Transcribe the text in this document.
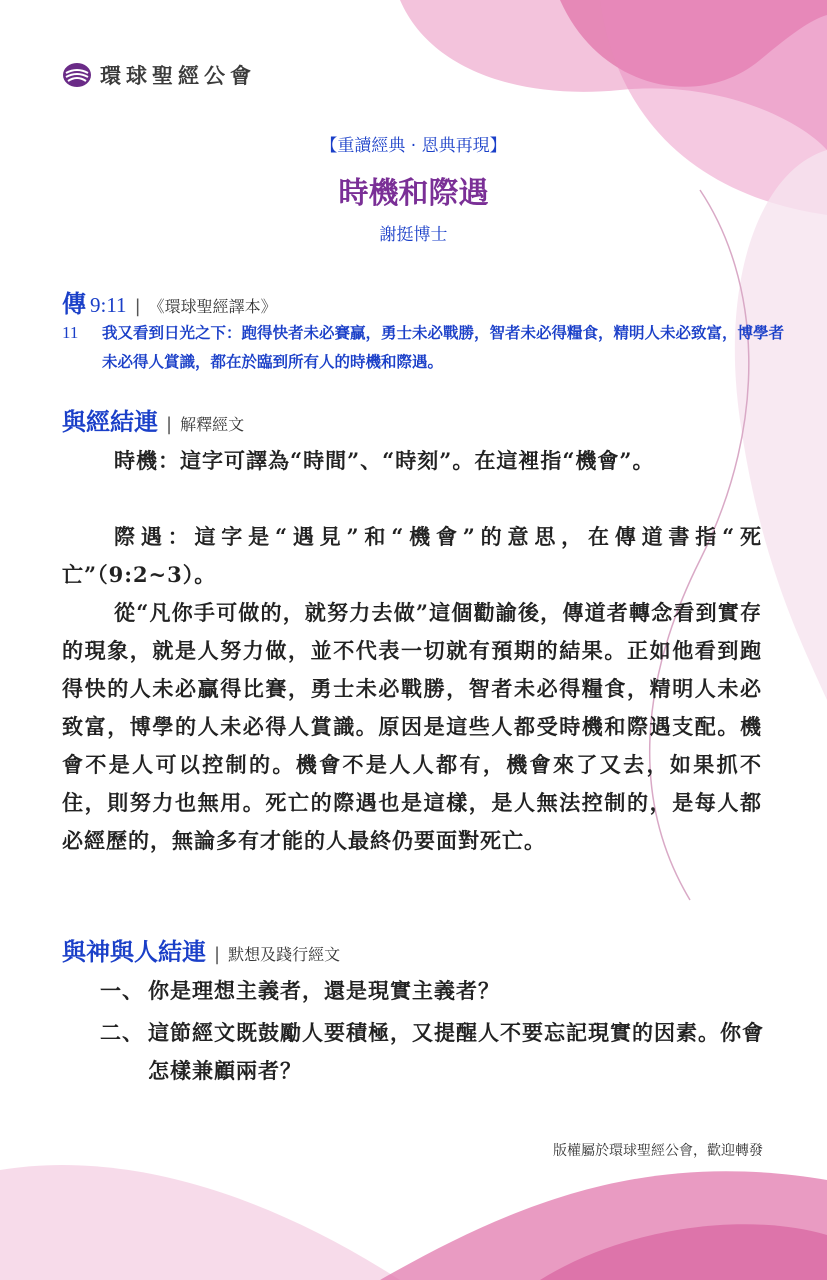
環球聖經公會
【重讀經典 · 恩典再現】
時機和際遇
謝挺博士
傳 9:11 | 《環球聖經譯本》
11 我又看到日光之下：跑得快者未必賽贏，勇士未必戰勝，智者未必得糧食，精明人未必致富，博學者未必得人賞識，都在於臨到所有人的時機和際遇。
與經結連 | 解釋經文
時機：這字可譯為“時間”、“時刻”。在這裡指“機會”。
際遇：這字是“遇見”和“機會”的意思，在傳道書指“死亡”（9:2~3）。
從“凡你手可做的，就努力去做”這個勸諭後，傳道者轉念看到實存的現象，就是人努力做，並不代表一切就有預期的結果。正如他看到跑得快的人未必贏得比賽，勇士未必戰勝，智者未必得糧食，精明人未必致富，博學的人未必得人賞識。原因是這些人都受時機和際遇支配。機會不是人可以控制的。機會不是人人都有，機會來了又去，如果抓不住，則努力也無用。死亡的際遇也是這樣，是人無法控制的，是每人都必經歷的，無論多有才能的人最終仍要面對死亡。
與神與人結連 | 默想及踐行經文
一、 你是理想主義者，還是現實主義者？
二、 這節經文既鼓勵人要積極，又提醒人不要忘記現實的因素。你會怎樣兼顧兩者？
版權屬於環球聖經公會，歡迎轉發
